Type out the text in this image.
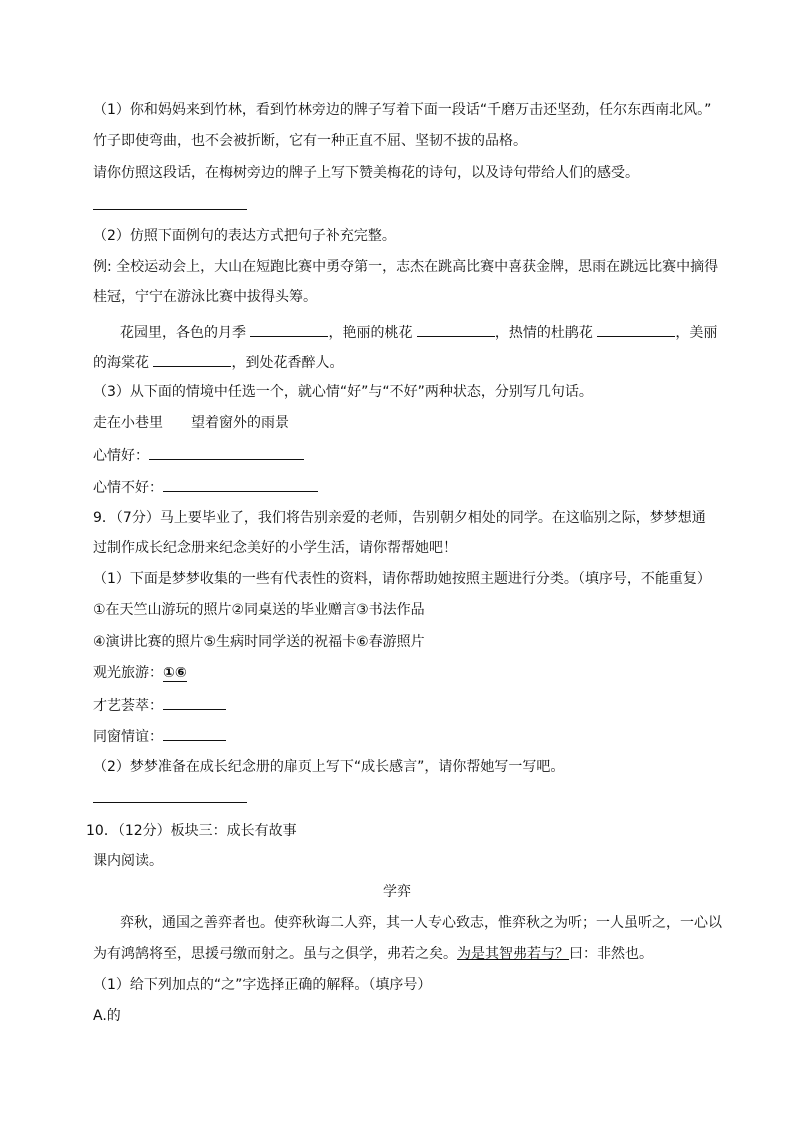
（1）你和妈妈来到竹林，看到竹林旁边的牌子写着下面一段话“千磨万击还坚劲，任尔东西南北风。”
竹子即使弯曲，也不会被折断，它有一种正直不屈、坚韧不拔的品格。
请你仿照这段话，在梅树旁边的牌子上写下赞美梅花的诗句，以及诗句带给人们的感受。
（2）仿照下面例句的表达方式把句子补充完整。
例: 全校运动会上，大山在短跑比赛中勇夺第一，志杰在跳高比赛中喜获金牌，思雨在跳远比赛中摘得
桂冠，宁宁在游泳比赛中拔得头筹。
花园里，各色的月季	，艳丽的桃花	，热情的杜鹃花	，美丽
的海棠花	，到处花香醉人。
（3）从下面的情境中任选一个，就心情“好”与“不好”两种状态，分别写几句话。
走在小巷里 望着窗外的雨景
心情好：
心情不好：
9．（7分）马上要毕业了，我们将告别亲爱的老师，告别朝夕相处的同学。在这临别之际，梦梦想通
过制作成长纪念册来纪念美好的小学生活，请你帮帮她吧！
（1）下面是梦梦收集的一些有代表性的资料，请你帮助她按照主题进行分类。（填序号，不能重复）
①在天竺山游玩的照片②同桌送的毕业赠言③书法作品
④演讲比赛的照片⑤生病时同学送的祝福卡⑥春游照片
观光旅游：①⑥
才艺荟萃：
同窗情谊：
（2）梦梦准备在成长纪念册的扉页上写下“成长感言”，请你帮她写一写吧。
10．（12分）板块三：成长有故事
课内阅读。
学弈
弈秋，通国之善弈者也。使弈秋诲二人弈，其一人专心致志，惟弈秋之为听；一人虽听之，一心以
为有鸿鹄将至，思援弓缴而射之。虽与之俱学，弗若之矣。为是其智弗若与？曰：非然也。
（1）给下列加点的“之”字选择正确的解释。（填序号）
A.的
